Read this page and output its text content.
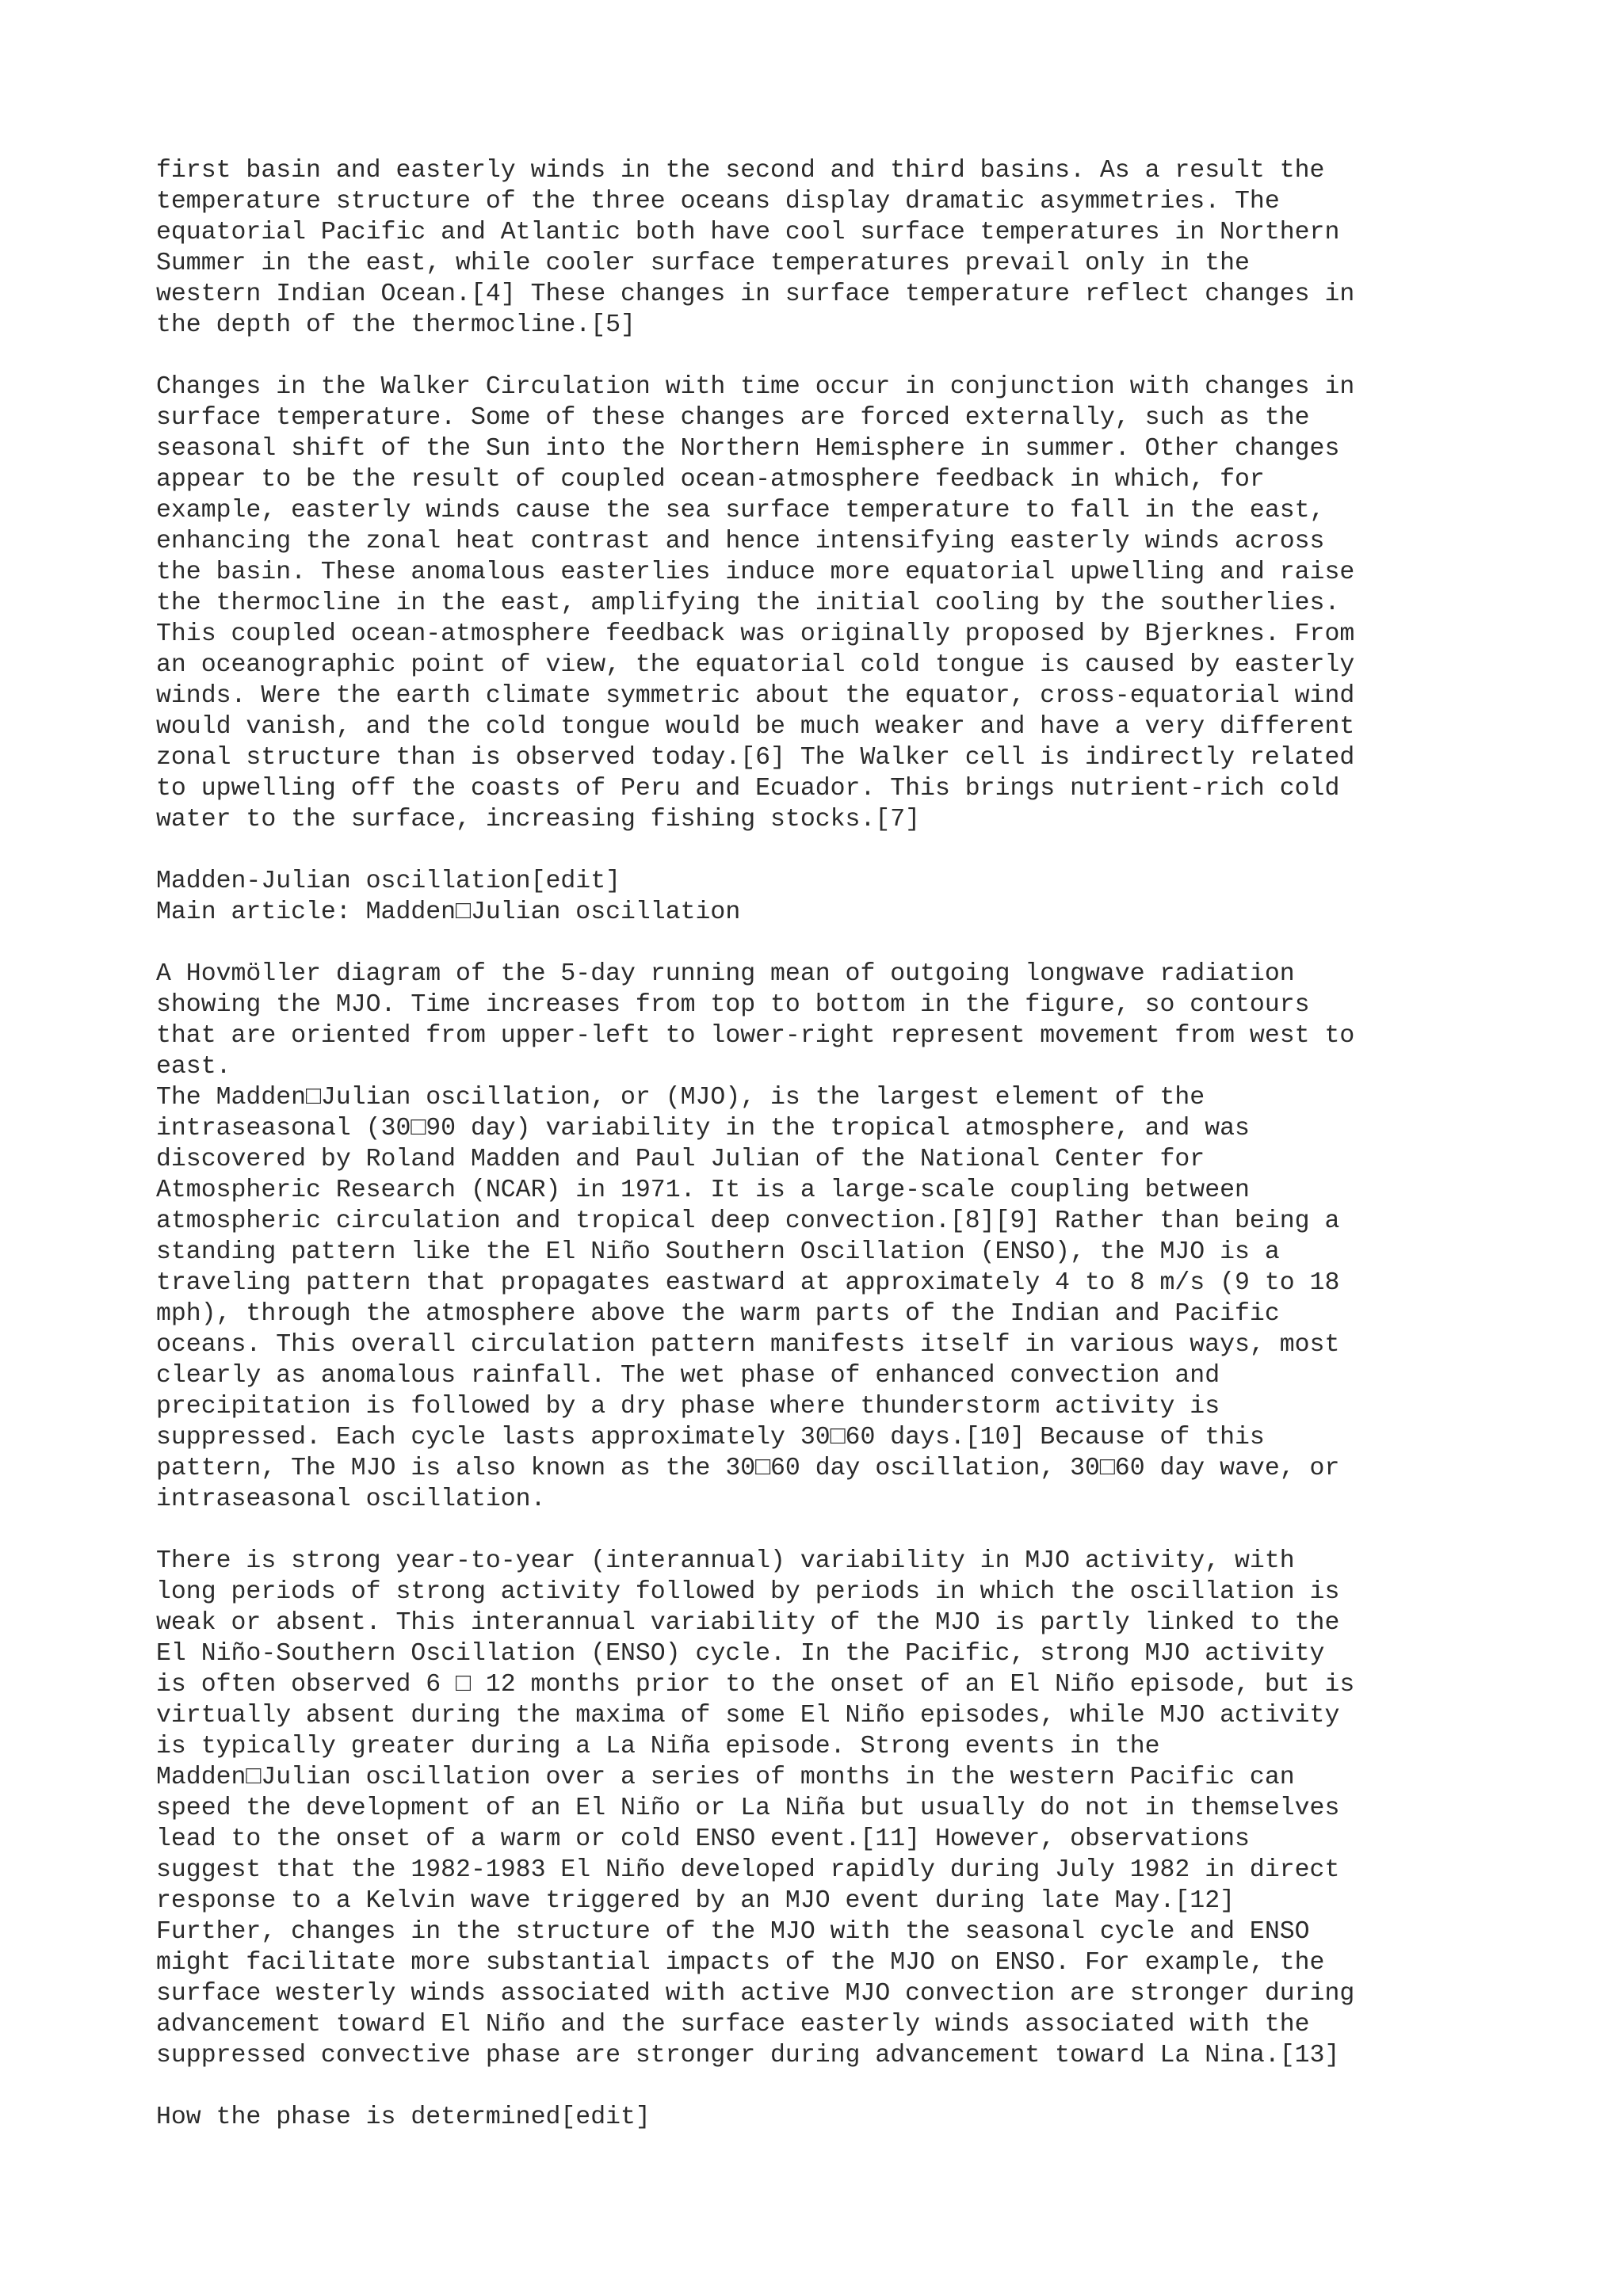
first basin and easterly winds in the second and third basins. As a result the
temperature structure of the three oceans display dramatic asymmetries. The
equatorial Pacific and Atlantic both have cool surface temperatures in Northern
Summer in the east, while cooler surface temperatures prevail only in the
western Indian Ocean.[4] These changes in surface temperature reflect changes in
the depth of the thermocline.[5]

Changes in the Walker Circulation with time occur in conjunction with changes in
surface temperature. Some of these changes are forced externally, such as the
seasonal shift of the Sun into the Northern Hemisphere in summer. Other changes
appear to be the result of coupled ocean-atmosphere feedback in which, for
example, easterly winds cause the sea surface temperature to fall in the east,
enhancing the zonal heat contrast and hence intensifying easterly winds across
the basin. These anomalous easterlies induce more equatorial upwelling and raise
the thermocline in the east, amplifying the initial cooling by the southerlies.
This coupled ocean-atmosphere feedback was originally proposed by Bjerknes. From
an oceanographic point of view, the equatorial cold tongue is caused by easterly
winds. Were the earth climate symmetric about the equator, cross-equatorial wind
would vanish, and the cold tongue would be much weaker and have a very different
zonal structure than is observed today.[6] The Walker cell is indirectly related
to upwelling off the coasts of Peru and Ecuador. This brings nutrient-rich cold
water to the surface, increasing fishing stocks.[7]

Madden-Julian oscillation[edit]

Main article: Madden□Julian oscillation

A Hovmöller diagram of the 5-day running mean of outgoing longwave radiation
showing the MJO. Time increases from top to bottom in the figure, so contours
that are oriented from upper-left to lower-right represent movement from west to
east.

The Madden□Julian oscillation, or (MJO), is the largest element of the
intraseasonal (30□90 day) variability in the tropical atmosphere, and was
discovered by Roland Madden and Paul Julian of the National Center for
Atmospheric Research (NCAR) in 1971. It is a large-scale coupling between
atmospheric circulation and tropical deep convection.[8][9] Rather than being a
standing pattern like the El Niño Southern Oscillation (ENSO), the MJO is a
traveling pattern that propagates eastward at approximately 4 to 8 m/s (9 to 18
mph), through the atmosphere above the warm parts of the Indian and Pacific
oceans. This overall circulation pattern manifests itself in various ways, most
clearly as anomalous rainfall. The wet phase of enhanced convection and
precipitation is followed by a dry phase where thunderstorm activity is
suppressed. Each cycle lasts approximately 30□60 days.[10] Because of this
pattern, The MJO is also known as the 30□60 day oscillation, 30□60 day wave, or
intraseasonal oscillation.

There is strong year-to-year (interannual) variability in MJO activity, with
long periods of strong activity followed by periods in which the oscillation is
weak or absent. This interannual variability of the MJO is partly linked to the
El Niño-Southern Oscillation (ENSO) cycle. In the Pacific, strong MJO activity
is often observed 6 □ 12 months prior to the onset of an El Niño episode, but is
virtually absent during the maxima of some El Niño episodes, while MJO activity
is typically greater during a La Niña episode. Strong events in the
Madden□Julian oscillation over a series of months in the western Pacific can
speed the development of an El Niño or La Niña but usually do not in themselves
lead to the onset of a warm or cold ENSO event.[11] However, observations
suggest that the 1982-1983 El Niño developed rapidly during July 1982 in direct
response to a Kelvin wave triggered by an MJO event during late May.[12]
Further, changes in the structure of the MJO with the seasonal cycle and ENSO
might facilitate more substantial impacts of the MJO on ENSO. For example, the
surface westerly winds associated with active MJO convection are stronger during
advancement toward El Niño and the surface easterly winds associated with the
suppressed convective phase are stronger during advancement toward La Nina.[13]

How the phase is determined[edit]
